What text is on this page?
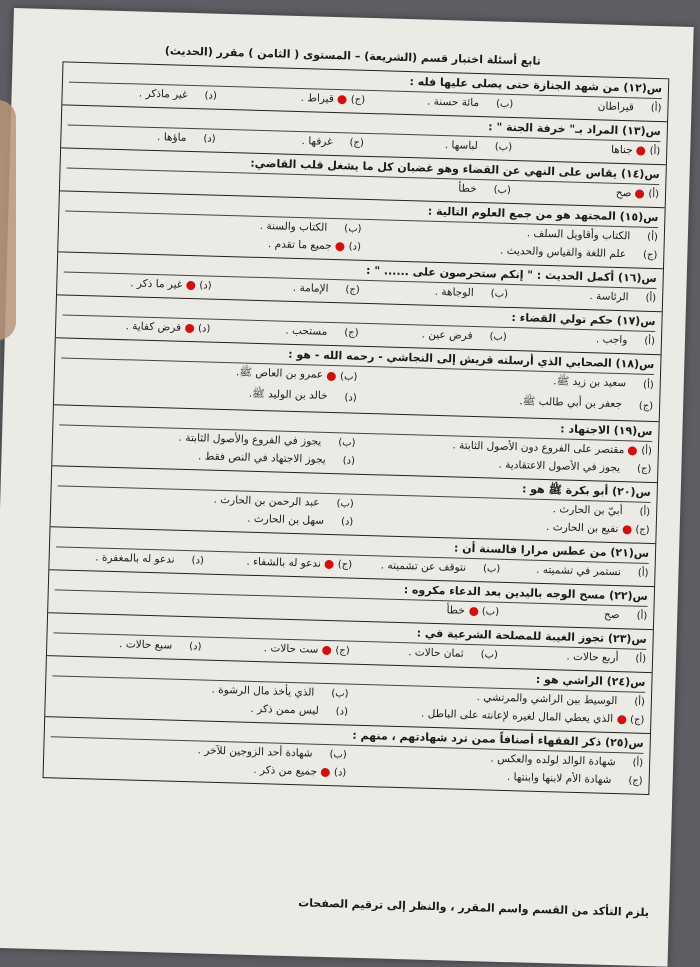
تابع أسئلة اختبار قسم (الشريعة) – المستوى ( الثامن ) مقرر (الحديث)
س(١٢) من شهد الجنازة حتى يصلى عليها فله :
(أ)
قيراطان
(ب)
مائة حسنة .
(ج)
قيراط .
(د)
غير ماذكر .
س(١٣) المراد بـ" خرفة الجنة " :
(أ)
جناها
(ب)
لباسها .
(ج)
غرفها .
(د)
ماؤها .
س(١٤) يقاس على النهي عن القضاء وهو غضبان كل ما يشغل قلب القاضي:
(أ)
صح
(ب)
خطأ
س(١٥) المجتهد هو من جمع العلوم التالية :
(أ)
الكتاب وأقاويل السلف .
(ب)
الكتاب والسنة .
(ج)
علم اللغة والقياس والحديث .
(د)
جميع ما تقدم .
س(١٦) أكمل الحديث : " إنكم ستحرصون على ...... " :
(أ)
الرئاسة .
(ب)
الوجاهة .
(ج)
الإمامة .
(د)
غير ما ذكر .
س(١٧) حكم تولي القضاء :
(أ)
واجب .
(ب)
فرض عين .
(ج)
مستحب .
(د)
فرض كفاية .
س(١٨) الصحابي الذي أرسلته قريش إلى النجاشي - رحمه الله - هو :
(أ)
سعيد بن زيد ﷺ.
(ب)
عمرو بن العاص ﷺ.
(ج)
جعفر بن أبي طالب ﷺ.
(د)
خالد بن الوليد ﷺ.
س(١٩) الاجتهاد :
(أ)
مقتصر على الفروع دون الأصول الثابتة .
(ب)
يجوز في الفروع والأصول الثابتة .
(ج)
يجوز في الأصول الاعتقادية .
(د)
يجوز الاجتهاد في النص فقط .
س(٢٠) أبو بكرة ﷺ هو :
(أ)
أبيّ بن الحارث .
(ب)
عبد الرحمن بن الحارث .
(ج)
نفيع بن الحارث .
(د)
سهل بن الحارث .
س(٢١) من عطس مرارا فالسنة أن :
(أ)
نستمر في تشميته .
(ب)
نتوقف عن تشميته .
(ج)
ندعو له بالشفاء .
(د)
ندعو له بالمغفرة .
س(٢٢) مسح الوجه باليدين بعد الدعاء مكروه :
(أ)
صح
(ب)
خطأ
س(٢٣) تجوز الغيبة للمصلحة الشرعية في :
(أ)
أربع حالات .
(ب)
ثمان حالات .
(ج)
ست حالات .
(د)
سبع حالات .
س(٢٤) الراشي هو :
(أ)
الوسيط بين الراشي والمرتشي .
(ب)
الذي يأخذ مال الرشوة .
(ج)
الذي يعطي المال لغيره لإعانته على الباطل .
(د)
ليس ممن ذكر .
س(٢٥) ذكر الفقهاء أصنافاً ممن ترد شهادتهم ، منهم :
(أ)
شهادة الوالد لولده والعكس .
(ب)
شهادة أحد الزوجين للآخر .
(ج)
شهادة الأم لابنها وابنتها .
(د)
جميع من ذكر .
يلزم التأكد من القسم واسم المقرر ، والنظر إلى ترقيم الصفحات
